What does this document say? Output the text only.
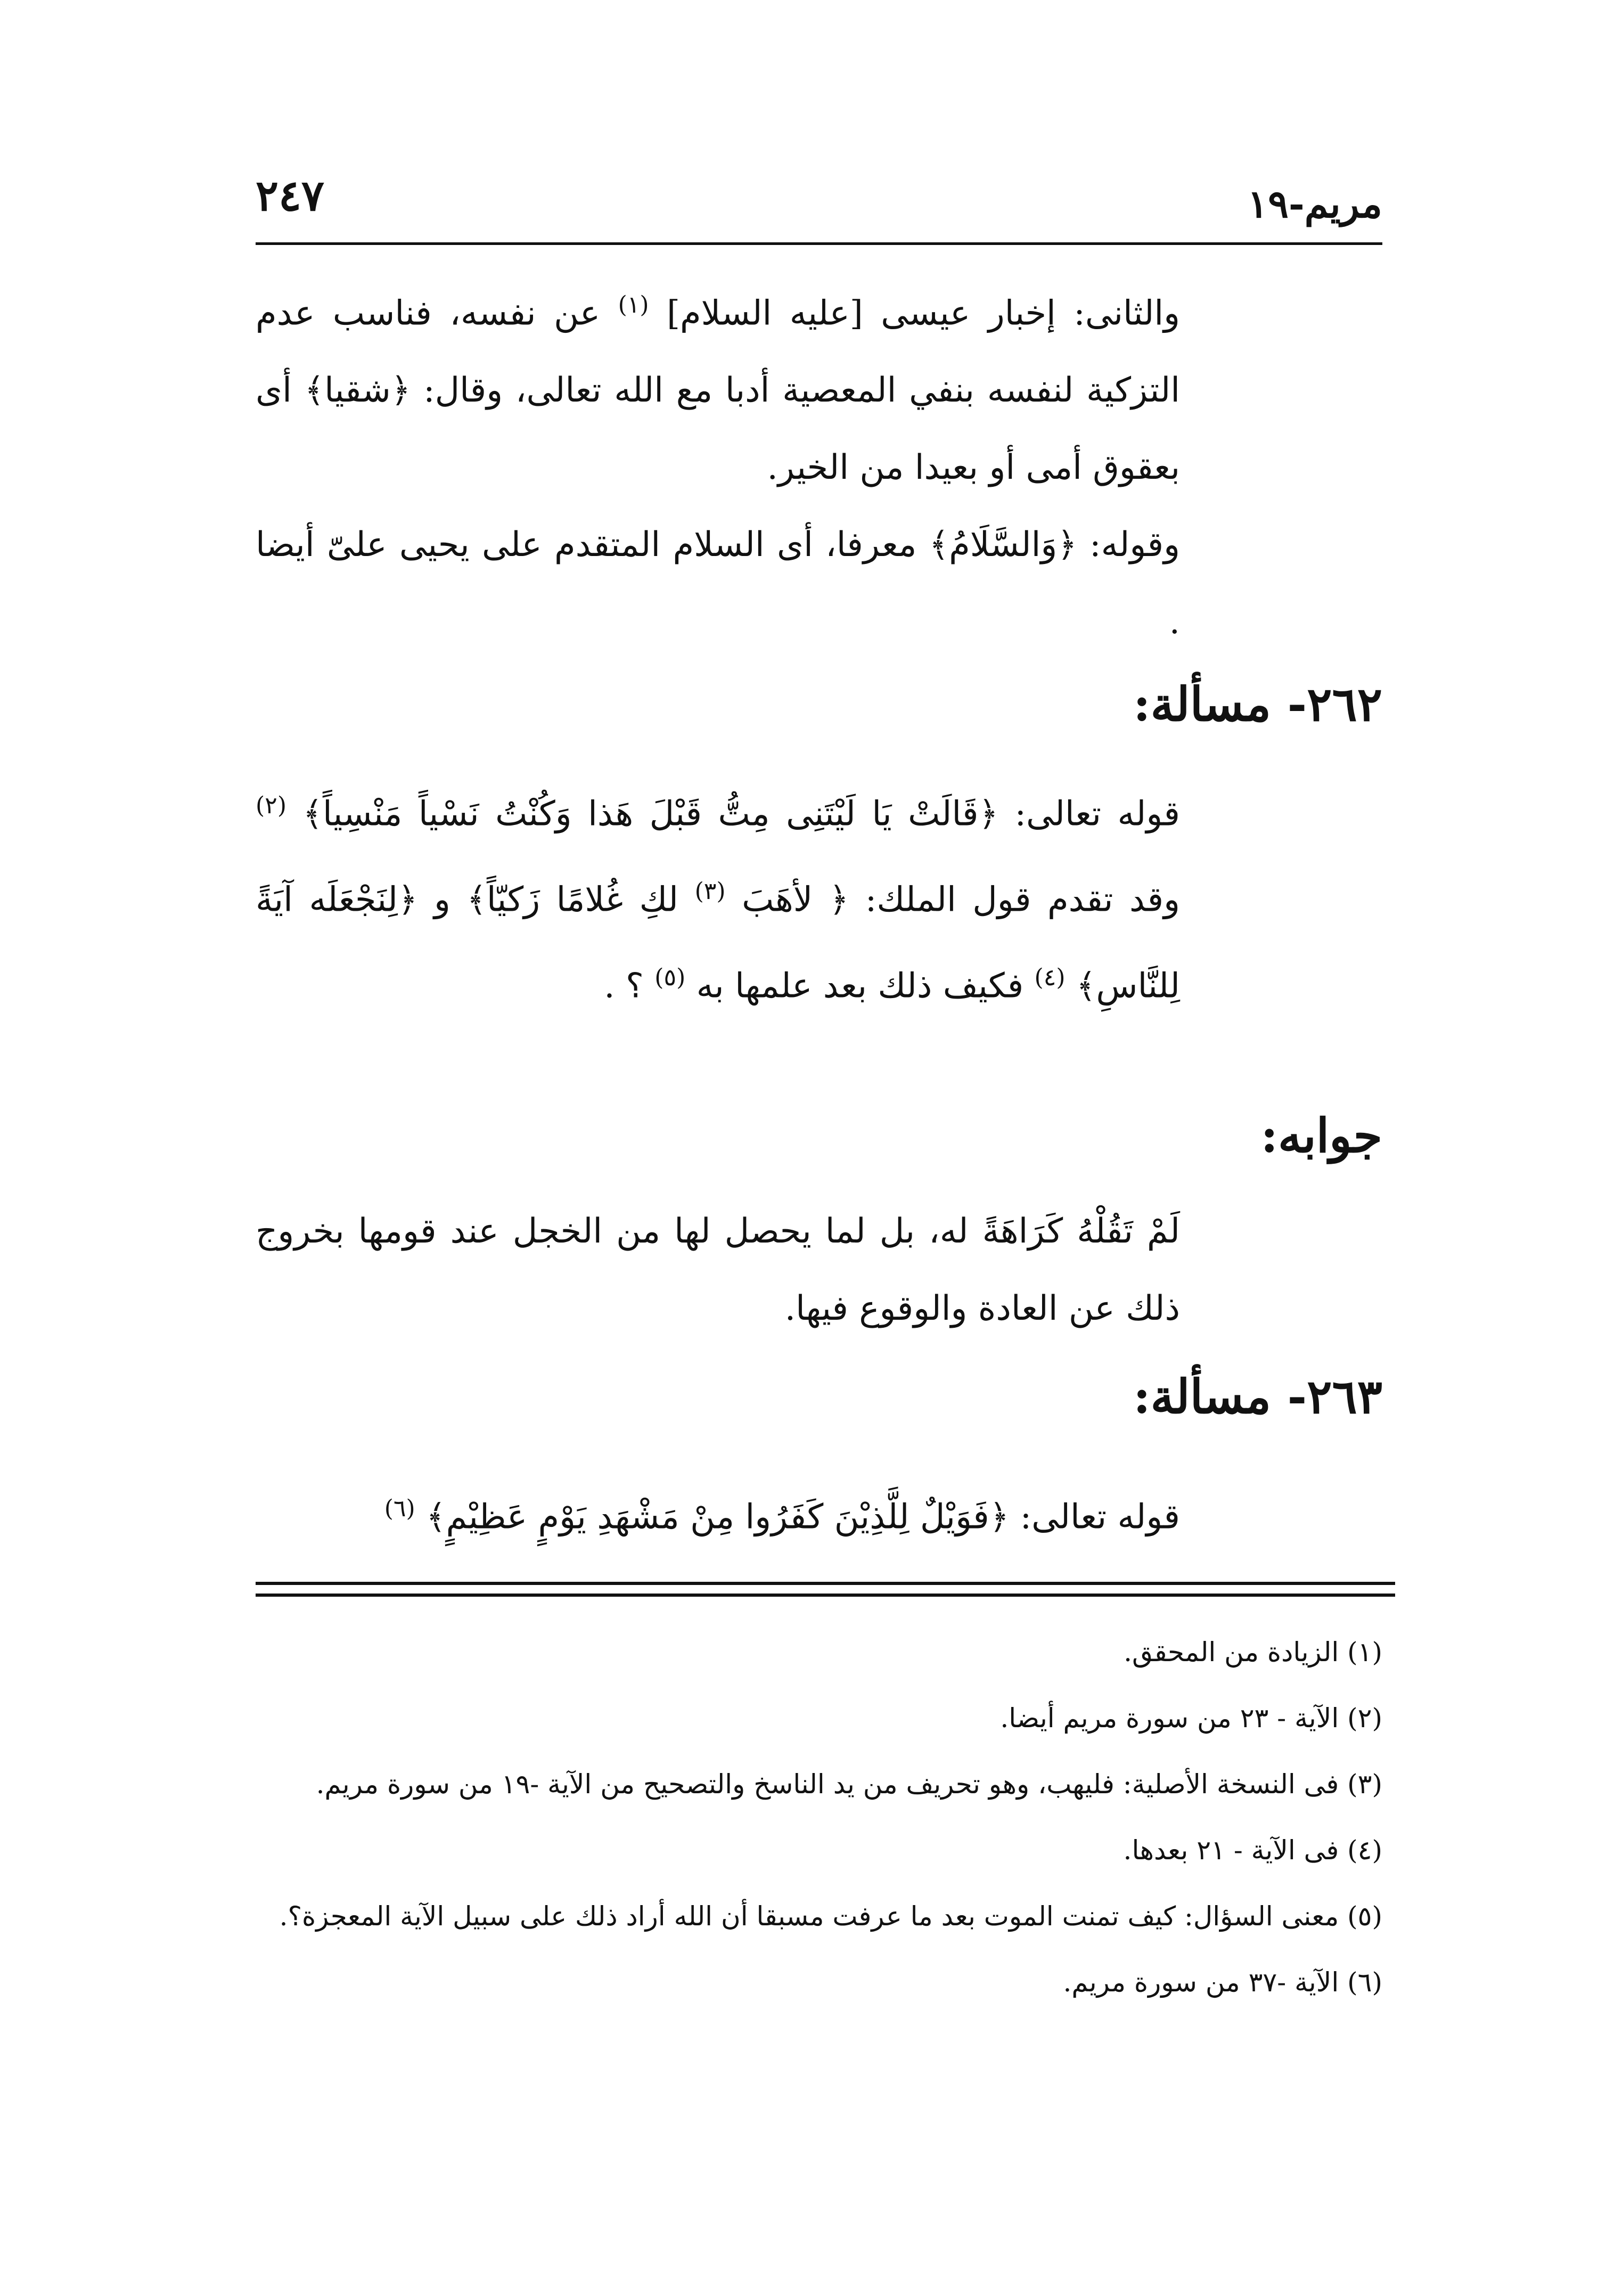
مريم-١٩
٢٤٧

والثانى: إخبار عيسى [عليه السلام] $^{(١)}$ عن نفسه، فناسب عدم التزكية لنفسه بنفي المعصية أدبا مع الله تعالى، وقال: ﴿شقيا﴾ أى بعقوق أمى أو بعيدا من الخير.

وقوله: ﴿وَالسَّلَامُ﴾ معرفا، أى السلام المتقدم على يحيى علىّ أيضا .

٢٦٢- مسألة:

قوله تعالى: ﴿قَالَتْ يَا لَيْتَنِى مِتُّ قَبْلَ هَذا وَكُنْتُ نَسْياً مَنْسِياً﴾ $^{(٢)}$ وقد تقدم قول الملك: ﴿ لأهَبَ $^{(٣)}$ لكِ غُلامًا زَكيّاً﴾ و ﴿لِنَجْعَلَه آيَةً لِلنَّاسِ﴾ $^{(٤)}$ فكيف ذلك بعد علمها به $^{(٥)}$ ؟ .

جوابه:

لَمْ تَقُلْهُ كَرَاهَةً له، بل لما يحصل لها من الخجل عند قومها بخروج ذلك عن العادة والوقوع فيها.

٢٦٣- مسألة:

قوله تعالى: ﴿فَوَيْلٌ لِلَّذِيْنَ كَفَرُوا مِنْ مَشْهَدِ يَوْمٍ عَظِيْمٍ﴾ $^{(٦)}$

(١) الزيادة من المحقق.

(٢) الآية - ٢٣ من سورة مريم أيضا.

(٣) فى النسخة الأصلية: فليهب، وهو تحريف من يد الناسخ والتصحيح من الآية -١٩ من سورة مريم.

(٤) فى الآية - ٢١ بعدها.

(٥) معنى السؤال: كيف تمنت الموت بعد ما عرفت مسبقا أن الله أراد ذلك على سبيل الآية المعجزة؟.

(٦) الآية -٣٧ من سورة مريم.
